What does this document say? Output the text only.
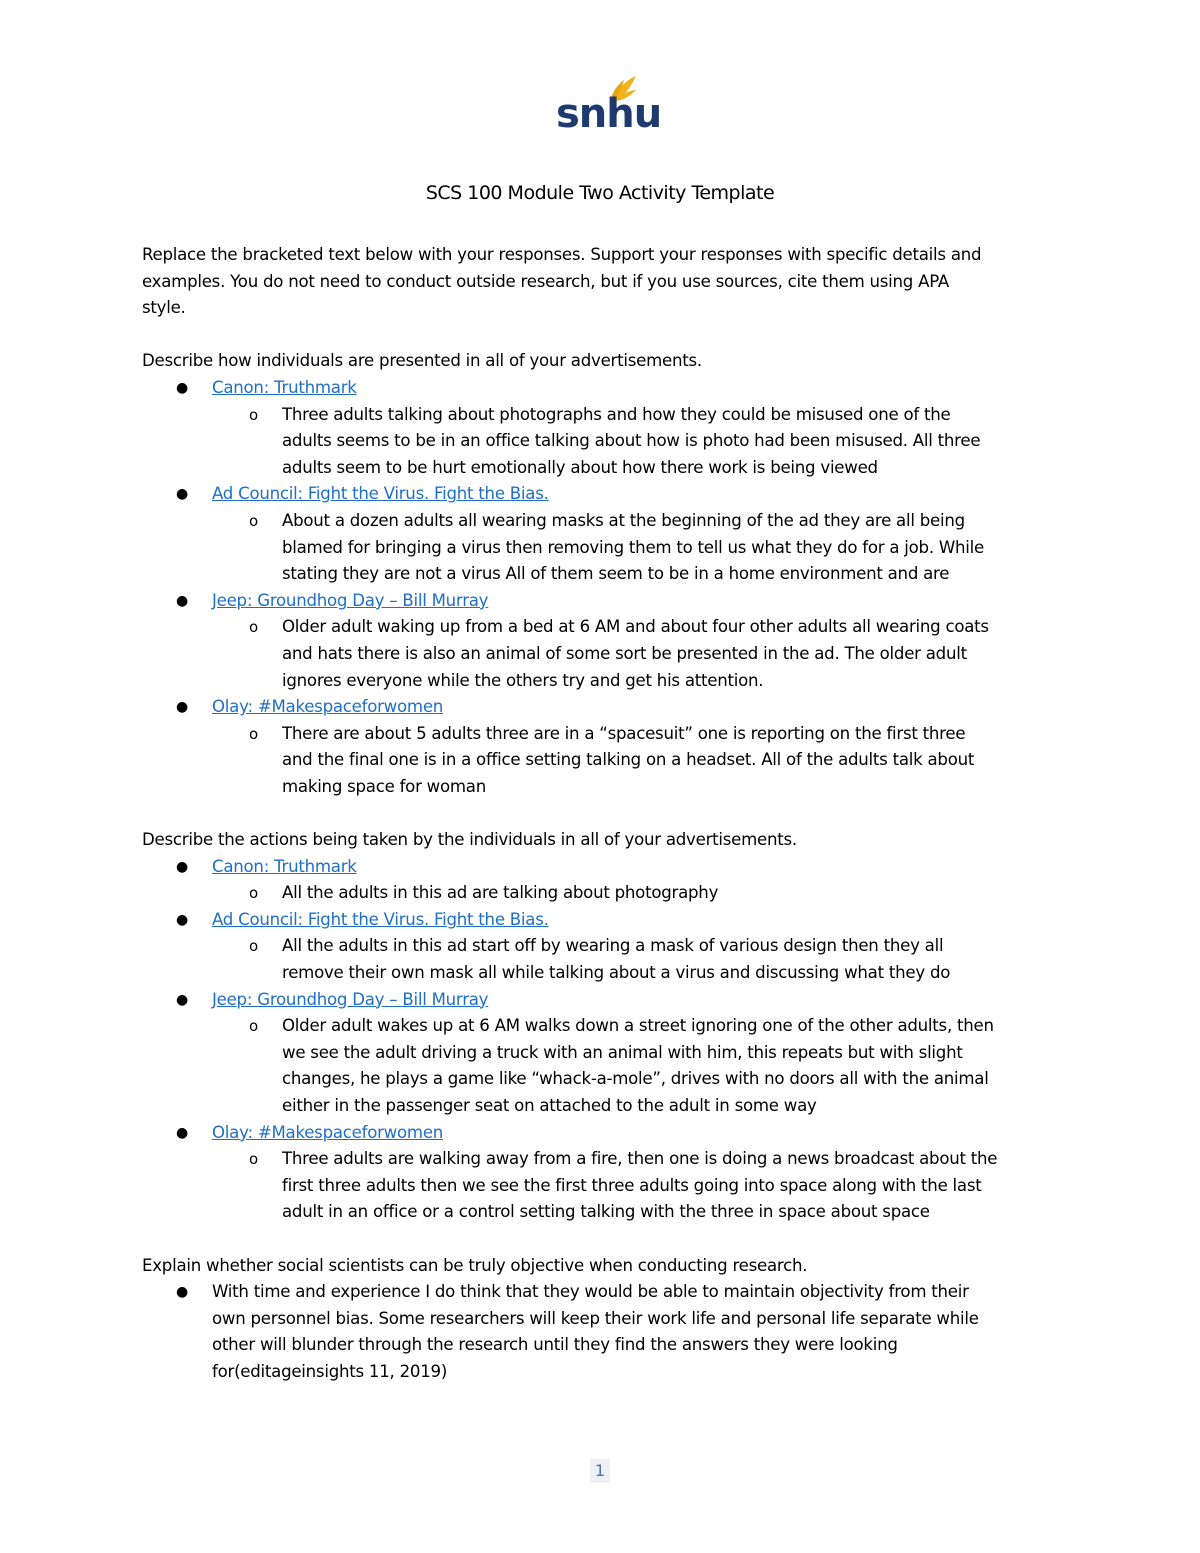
snhu
SCS 100 Module Two Activity Template
Replace the bracketed text below with your responses. Support your responses with specific details and
examples. You do not need to conduct outside research, but if you use sources, cite them using APA
style.
Describe how individuals are presented in all of your advertisements.
● Canon: Truthmark
o Three adults talking about photographs and how they could be misused one of the
adults seems to be in an office talking about how is photo had been misused. All three
adults seem to be hurt emotionally about how there work is being viewed
● Ad Council: Fight the Virus. Fight the Bias.
o About a dozen adults all wearing masks at the beginning of the ad they are all being
blamed for bringing a virus then removing them to tell us what they do for a job. While
stating they are not a virus All of them seem to be in a home environment and are
● Jeep: Groundhog Day – Bill Murray
o Older adult waking up from a bed at 6 AM and about four other adults all wearing coats
and hats there is also an animal of some sort be presented in the ad. The older adult
ignores everyone while the others try and get his attention.
● Olay: #Makespaceforwomen
o There are about 5 adults three are in a “spacesuit” one is reporting on the first three
and the final one is in a office setting talking on a headset. All of the adults talk about
making space for woman
Describe the actions being taken by the individuals in all of your advertisements.
● Canon: Truthmark
o All the adults in this ad are talking about photography
● Ad Council: Fight the Virus. Fight the Bias.
o All the adults in this ad start off by wearing a mask of various design then they all
remove their own mask all while talking about a virus and discussing what they do
● Jeep: Groundhog Day – Bill Murray
o Older adult wakes up at 6 AM walks down a street ignoring one of the other adults, then
we see the adult driving a truck with an animal with him, this repeats but with slight
changes, he plays a game like “whack-a-mole”, drives with no doors all with the animal
either in the passenger seat on attached to the adult in some way
● Olay: #Makespaceforwomen
o Three adults are walking away from a fire, then one is doing a news broadcast about the
first three adults then we see the first three adults going into space along with the last
adult in an office or a control setting talking with the three in space about space
Explain whether social scientists can be truly objective when conducting research.
● With time and experience I do think that they would be able to maintain objectivity from their
own personnel bias. Some researchers will keep their work life and personal life separate while
other will blunder through the research until they find the answers they were looking
for(editageinsights 11, 2019)
1
